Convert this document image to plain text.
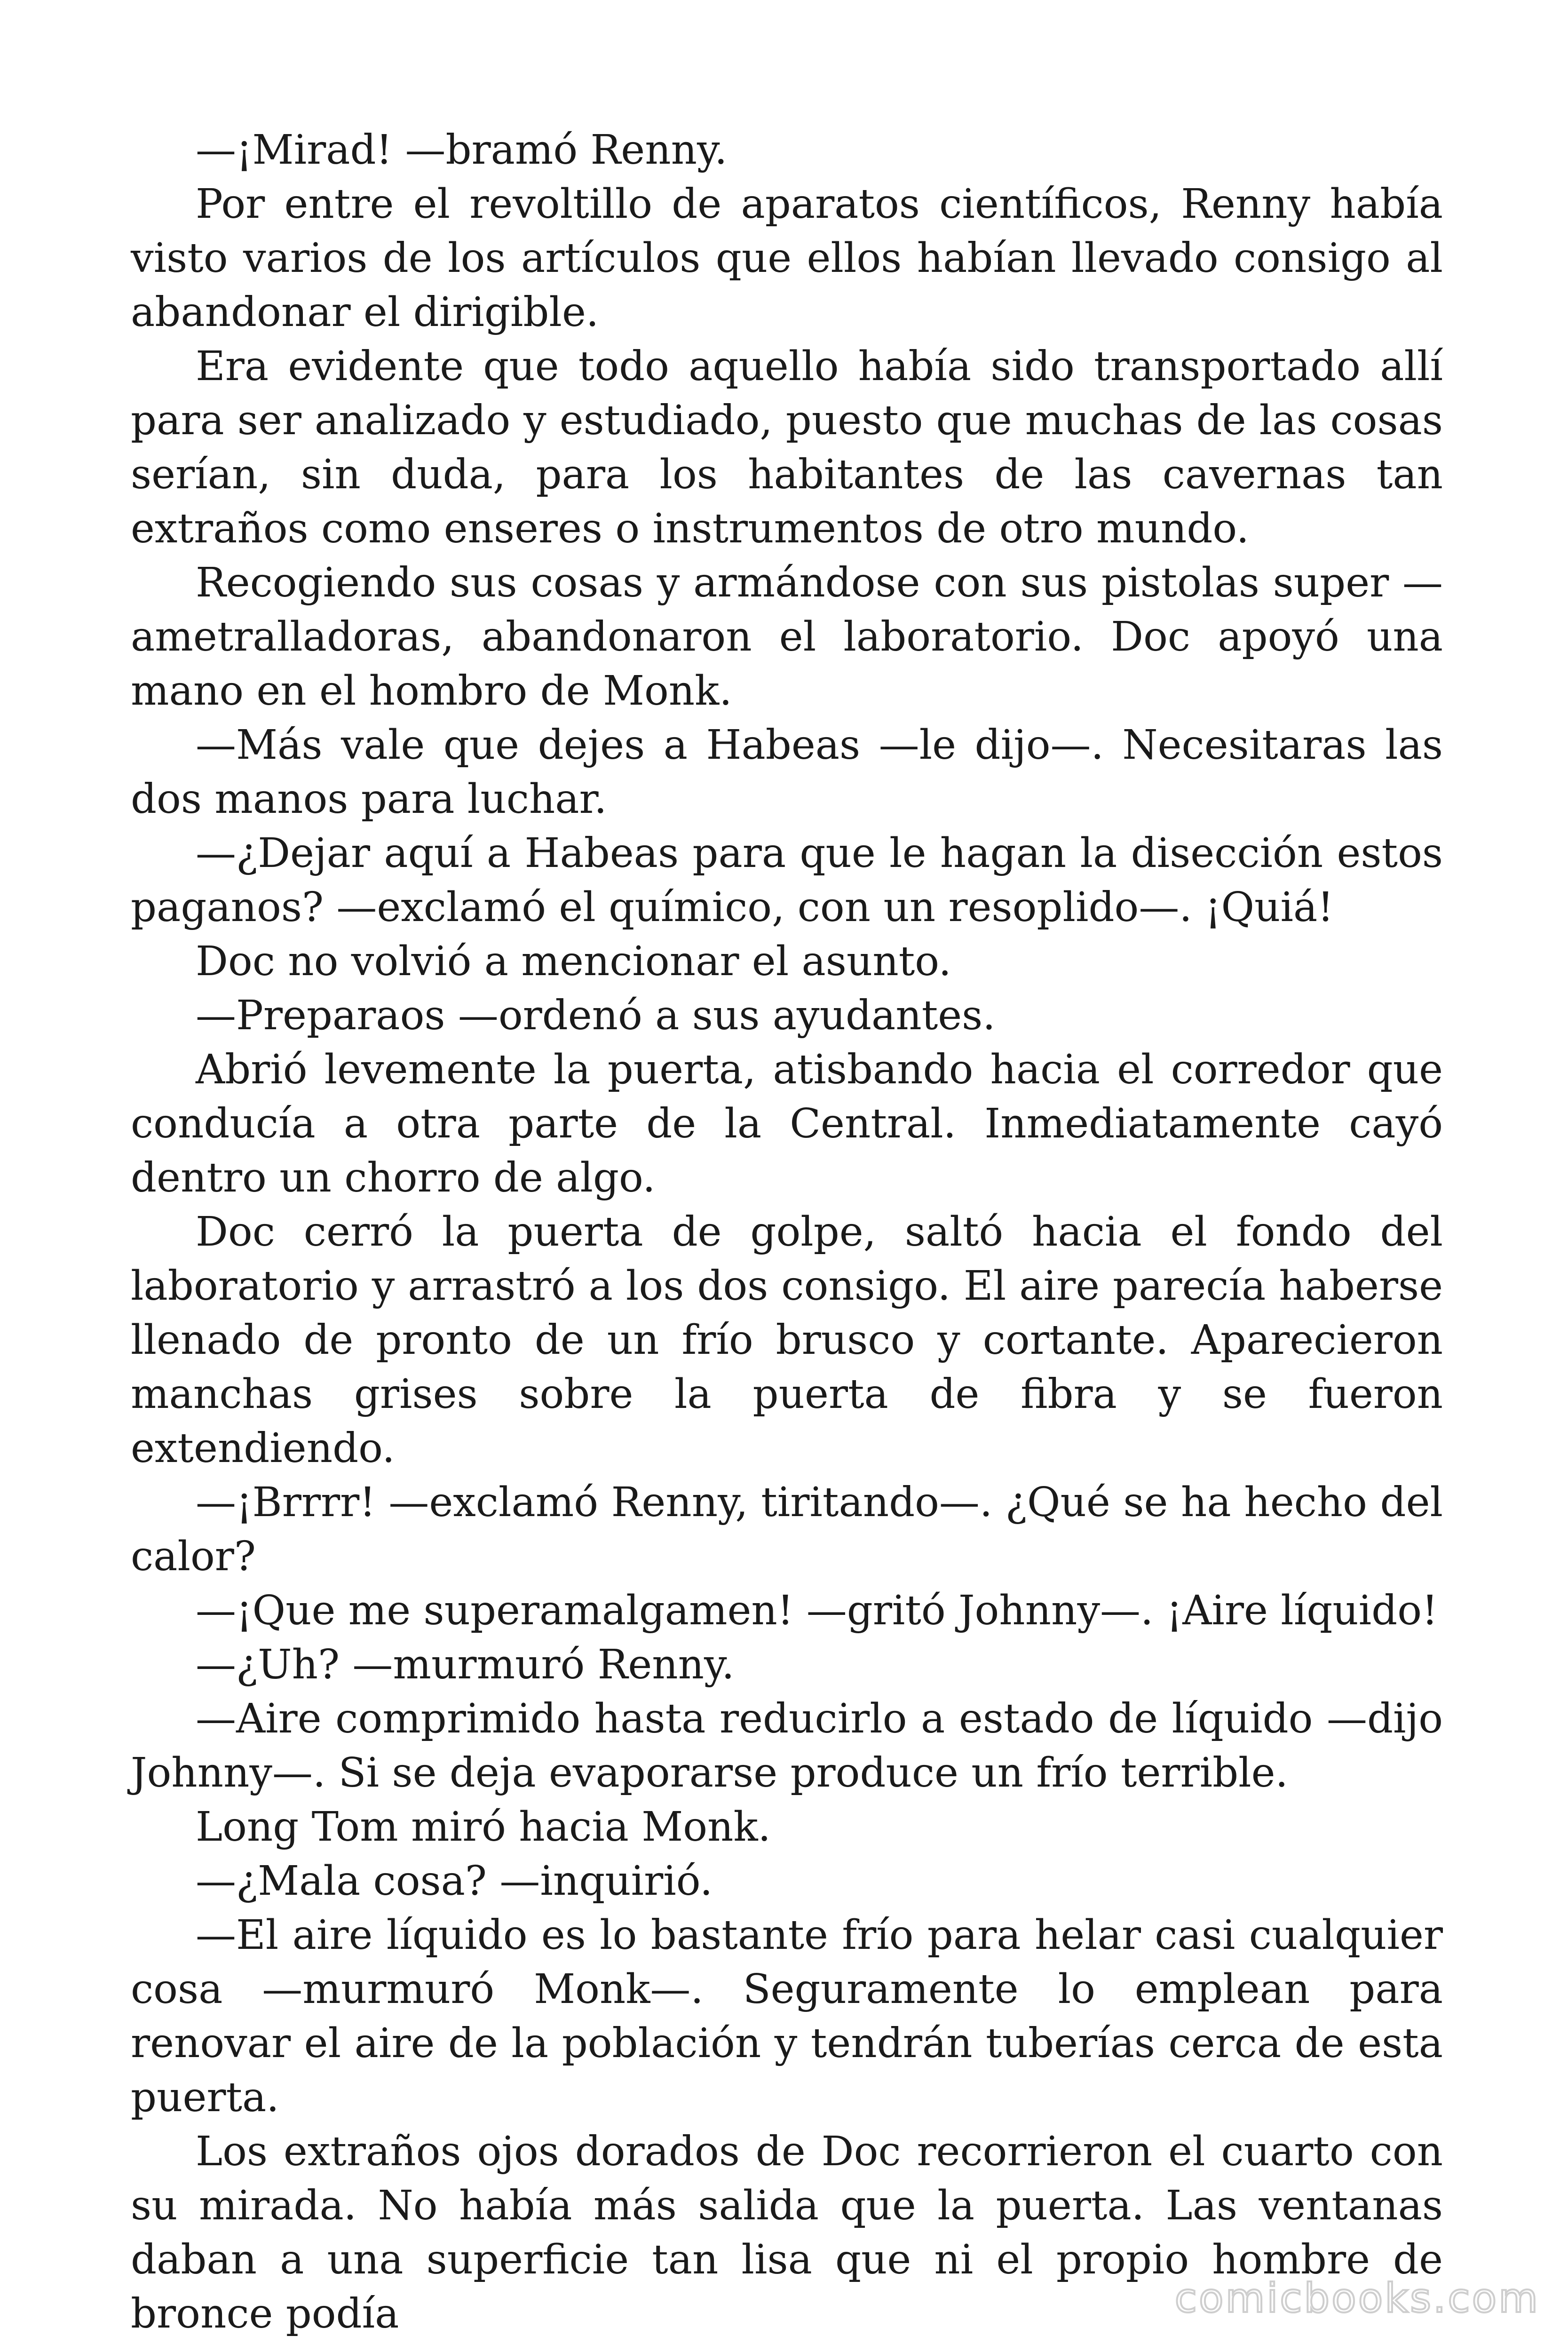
—¡Mirad! —bramó Renny.

Por entre el revoltillo de aparatos científicos, Renny había visto varios de los artículos que ellos habían llevado consigo al abandonar el dirigible.

Era evidente que todo aquello había sido transportado allí para ser analizado y estudiado, puesto que muchas de las cosas serían, sin duda, para los habitantes de las cavernas tan extraños como enseres o instrumentos de otro mundo.

Recogiendo sus cosas y armándose con sus pistolas super — ametralladoras, abandonaron el laboratorio. Doc apoyó una mano en el hombro de Monk.

—Más vale que dejes a Habeas —le dijo—. Necesitaras las dos manos para luchar.

—¿Dejar aquí a Habeas para que le hagan la disección estos paganos? —exclamó el químico, con un resoplido—. ¡Quiá!

Doc no volvió a mencionar el asunto.

—Preparaos —ordenó a sus ayudantes.

Abrió levemente la puerta, atisbando hacia el corredor que conducía a otra parte de la Central. Inmediatamente cayó dentro un chorro de algo.

Doc cerró la puerta de golpe, saltó hacia el fondo del laboratorio y arrastró a los dos consigo. El aire parecía haberse llenado de pronto de un frío brusco y cortante. Aparecieron manchas grises sobre la puerta de fibra y se fueron extendiendo.

—¡Brrrr! —exclamó Renny, tiritando—. ¿Qué se ha hecho del calor?

—¡Que me superamalgamen! —gritó Johnny—. ¡Aire líquido!

—¿Uh? —murmuró Renny.

—Aire comprimido hasta reducirlo a estado de líquido —dijo Johnny—. Si se deja evaporarse produce un frío terrible.

Long Tom miró hacia Monk.

—¿Mala cosa? —inquirió.

—El aire líquido es lo bastante frío para helar casi cualquier cosa —murmuró Monk—. Seguramente lo emplean para renovar el aire de la población y tendrán tuberías cerca de esta puerta.

Los extraños ojos dorados de Doc recorrieron el cuarto con su mirada. No había más salida que la puerta. Las ventanas daban a una superficie tan lisa que ni el propio hombre de bronce podía	comicbooks.com
